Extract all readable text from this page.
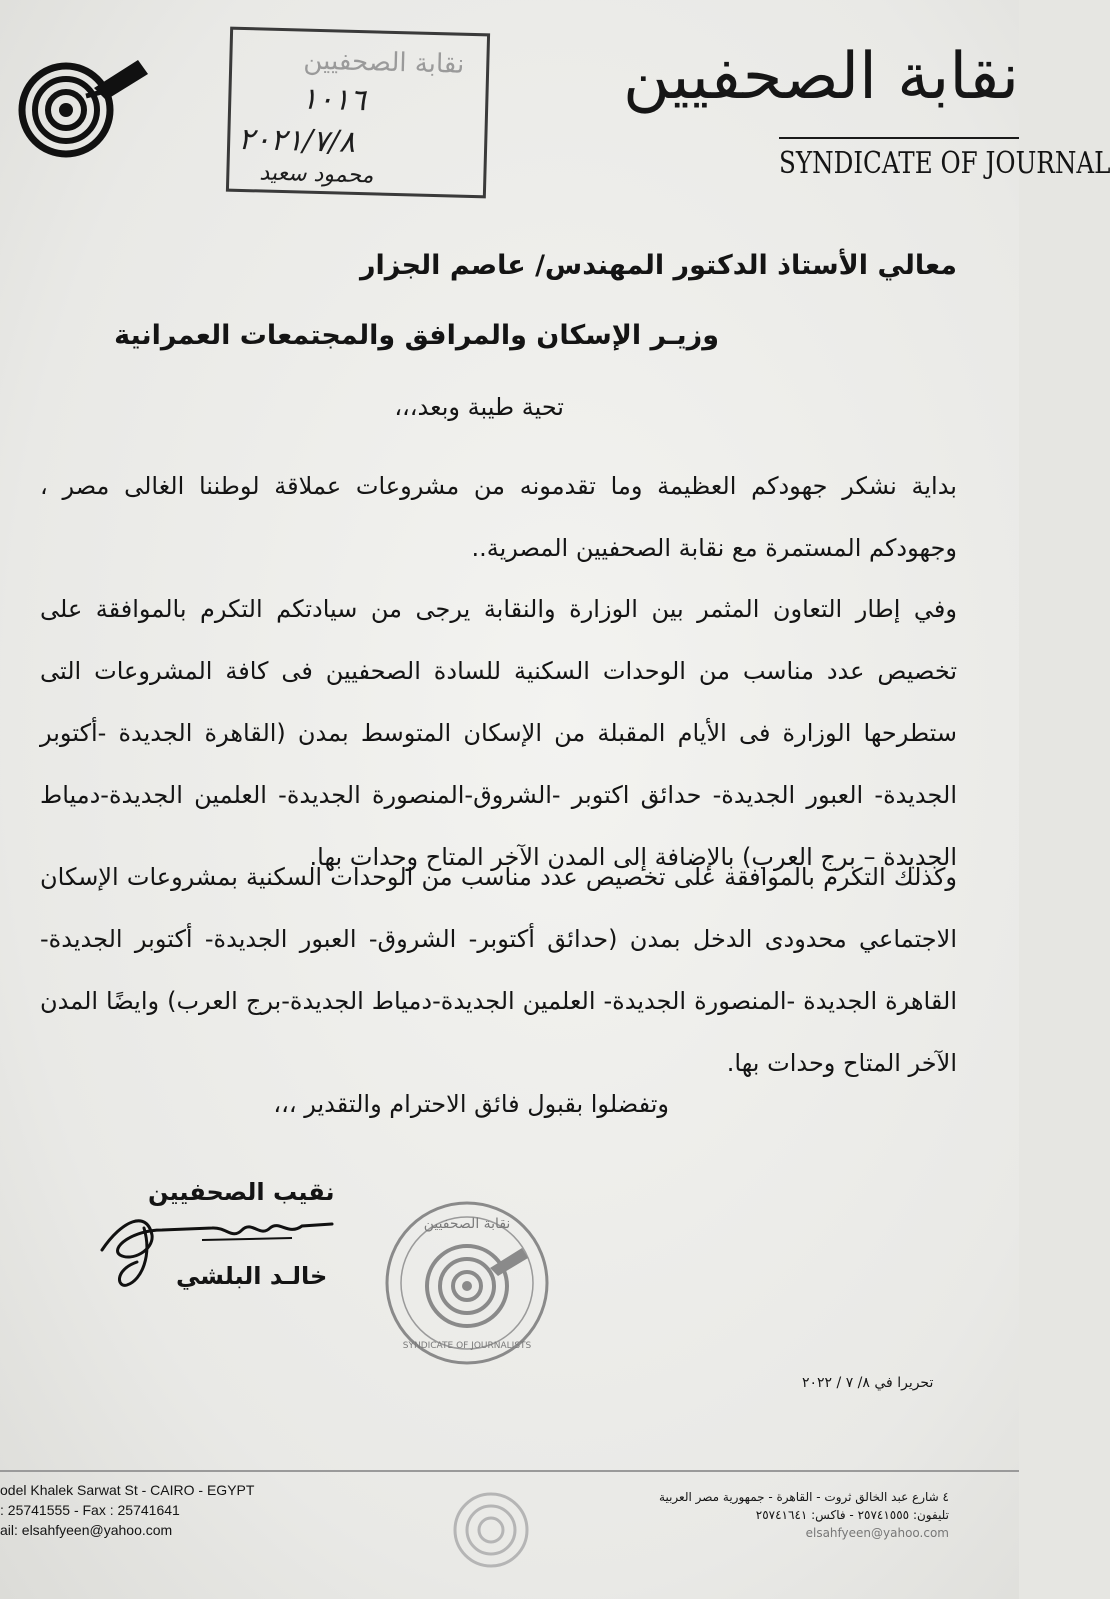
نقابة الصحفيين
١٠١٦
٢٠٢١/٧/٨
محمود سعيد
نقابة الصحفيين
SYNDICATE OF JOURNAL
معالي الأستاذ الدكتور المهندس/ عاصم الجزار
وزيـر الإسكان والمرافق والمجتمعات العمرانية
تحية طيبة وبعد،،،
بداية نشكر جهودكم العظيمة وما تقدمونه من مشروعات عملاقة لوطننا الغالى مصر ، وجهودكم المستمرة مع نقابة الصحفيين المصرية..
وفي إطار التعاون المثمر بين الوزارة والنقابة يرجى من سيادتكم التكرم بالموافقة على تخصيص عدد مناسب من الوحدات السكنية للسادة الصحفيين فى كافة المشروعات التى ستطرحها الوزارة فى الأيام المقبلة من الإسكان المتوسط بمدن (القاهرة الجديدة -أكتوبر الجديدة- العبور الجديدة- حدائق اكتوبر -الشروق-المنصورة الجديدة- العلمين الجديدة-دمياط الجديدة – برج العرب) بالإضافة إلى المدن الآخر المتاح وحدات بها.
وكذلك التكرم بالموافقة على تخصيص عدد مناسب من الوحدات السكنية بمشروعات الإسكان الاجتماعي محدودى الدخل بمدن (حدائق أكتوبر- الشروق- العبور الجديدة- أكتوبر الجديدة- القاهرة الجديدة -المنصورة الجديدة- العلمين الجديدة-دمياط الجديدة-برج العرب) وايضًا المدن الآخر المتاح وحدات بها.
وتفضلوا بقبول فائق الاحترام والتقدير ،،،
نقيب الصحفيين
خالـد البلشي
نقابة الصحفيين
SYNDICATE OF JOURNALISTS
تحريرا في ٨/ ٧ / ٢٠٢٢
odel Khalek Sarwat St - CAIRO - EGYPT
: 25741555 - Fax : 25741641
ail: elsahfyeen@yahoo.com
٤ شارع عبد الخالق ثروت - القاهرة - جمهورية مصر العربية
تليفون: ٢٥٧٤١٥٥٥ - فاكس: ٢٥٧٤١٦٤١
elsahfyeen@yahoo.com
